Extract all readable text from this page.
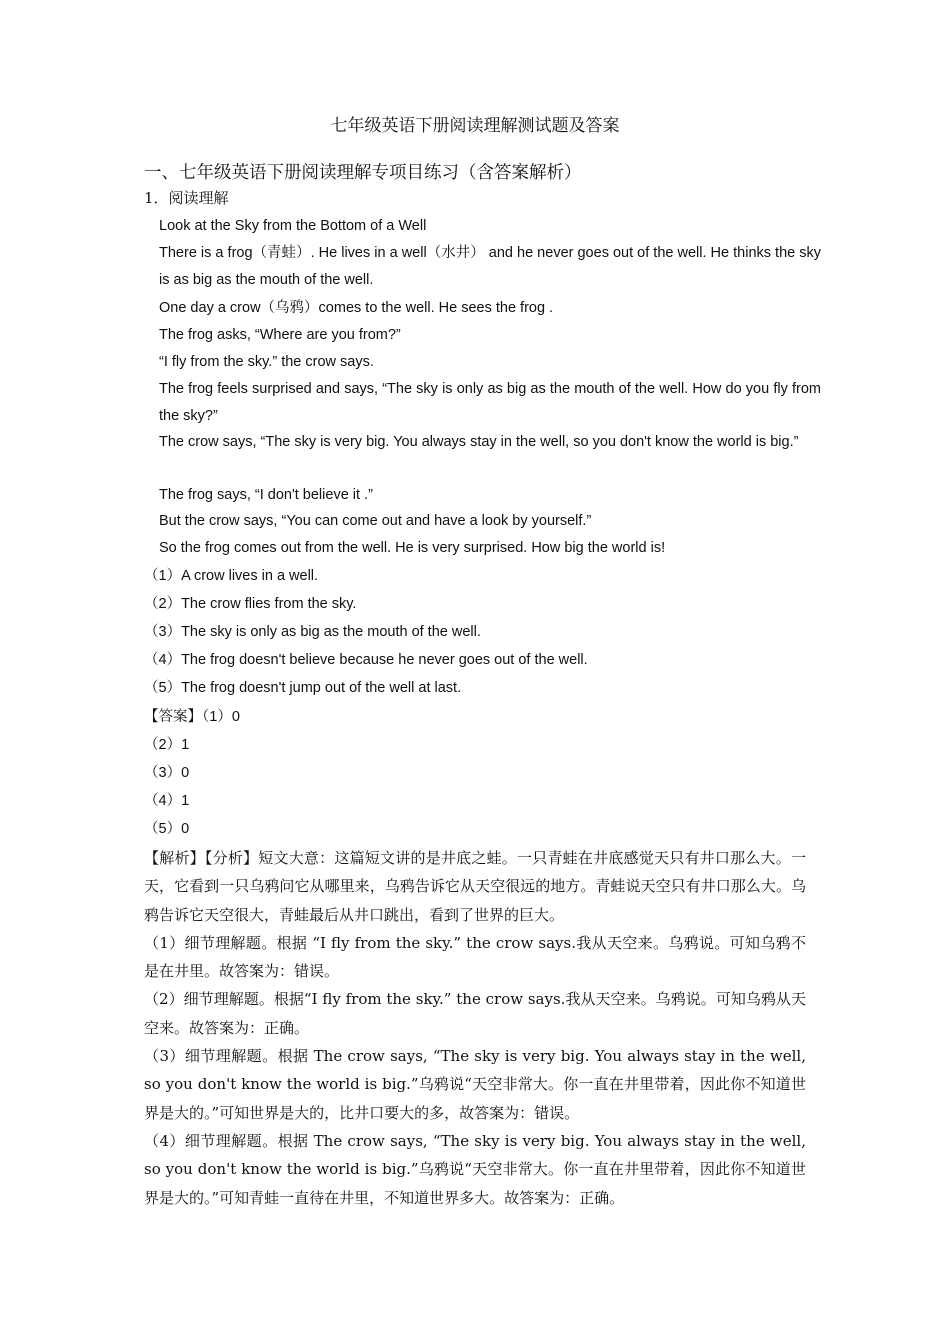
七年级英语下册阅读理解测试题及答案
一、七年级英语下册阅读理解专项目练习（含答案解析）
1．阅读理解
Look at the Sky from the Bottom of a Well
There is a frog（青蛙）. He lives in a well（水井） and he never goes out of the well. He thinks the sky is as big as the mouth of the well.
One day a crow（乌鸦）comes to the well. He sees the frog .
The frog asks, “Where are you from?”
“I fly from the sky.” the crow says.
The frog feels surprised and says, “The sky is only as big as the mouth of the well. How do you fly from the sky?”
The crow says, “The sky is very big. You always stay in the well, so you don't know the world is big.”
The frog says, “I don't believe it .”
But the crow says, “You can come out and have a look by yourself.”
So the frog comes out from the well. He is very surprised. How big the world is!
（1）A crow lives in a well.
（2）The crow flies from the sky.
（3）The sky is only as big as the mouth of the well.
（4）The frog doesn't believe because he never goes out of the well.
（5）The frog doesn't jump out of the well at last.
【答案】（1）0
（2）1
（3）0
（4）1
（5）0

【解析】【分析】短文大意：这篇短文讲的是井底之蛙。一只青蛙在井底感觉天只有井口那么大。一天，它看到一只乌鸦问它从哪里来，乌鸦告诉它从天空很远的地方。青蛙说天空只有井口那么大。乌鸦告诉它天空很大，青蛙最后从井口跳出，看到了世界的巨大。

（1）细节理解题。根据 “I fly from the sky.” the crow says.我从天空来。乌鸦说。可知乌鸦不是在井里。故答案为：错误。

（2）细节理解题。根据“I fly from the sky.” the crow says.我从天空来。乌鸦说。可知乌鸦从天空来。故答案为：正确。

（3）细节理解题。根据 The crow says, “The sky is very big. You always stay in the well, so you don't know the world is big.”乌鸦说“天空非常大。你一直在井里带着，因此你不知道世界是大的。”可知世界是大的，比井口要大的多，故答案为：错误。

（4）细节理解题。根据 The crow says, “The sky is very big. You always stay in the well, so you don't know the world is big.”乌鸦说“天空非常大。你一直在井里带着，因此你不知道世界是大的。”可知青蛙一直待在井里，不知道世界多大。故答案为：正确。
